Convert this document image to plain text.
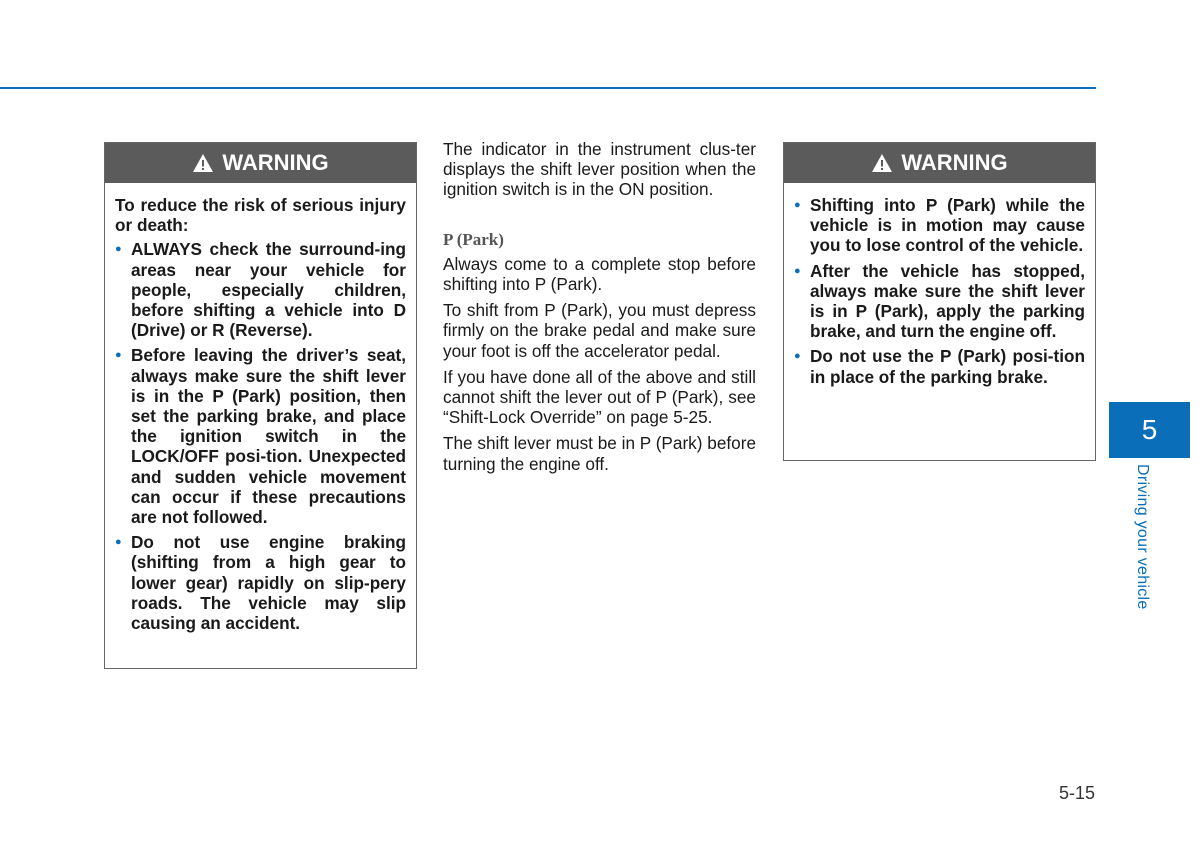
WARNING

To reduce the risk of serious injury or death:

● ALWAYS check the surround-ing areas near your vehicle for people, especially children, before shifting a vehicle into D (Drive) or R (Reverse).
● Before leaving the driver’s seat, always make sure the shift lever is in the P (Park) position, then set the parking brake, and place the ignition switch in the LOCK/OFF posi-tion. Unexpected and sudden vehicle movement can occur if these precautions are not followed.
● Do not use engine braking (shifting from a high gear to lower gear) rapidly on slip-pery roads. The vehicle may slip causing an accident.

The indicator in the instrument clus-ter displays the shift lever position when the ignition switch is in the ON position.

P (Park)

Always come to a complete stop before shifting into P (Park).

To shift from P (Park), you must depress firmly on the brake pedal and make sure your foot is off the accelerator pedal.

If you have done all of the above and still cannot shift the lever out of P (Park), see “Shift-Lock Override” on page 5-25.

The shift lever must be in P (Park) before turning the engine off.

WARNING
● Shifting into P (Park) while the vehicle is in motion may cause you to lose control of the vehicle.
● After the vehicle has stopped, always make sure the shift lever is in P (Park), apply the parking brake, and turn the engine off.
● Do not use the P (Park) posi-tion in place of the parking brake.
5
Driving your vehicle
5-15
